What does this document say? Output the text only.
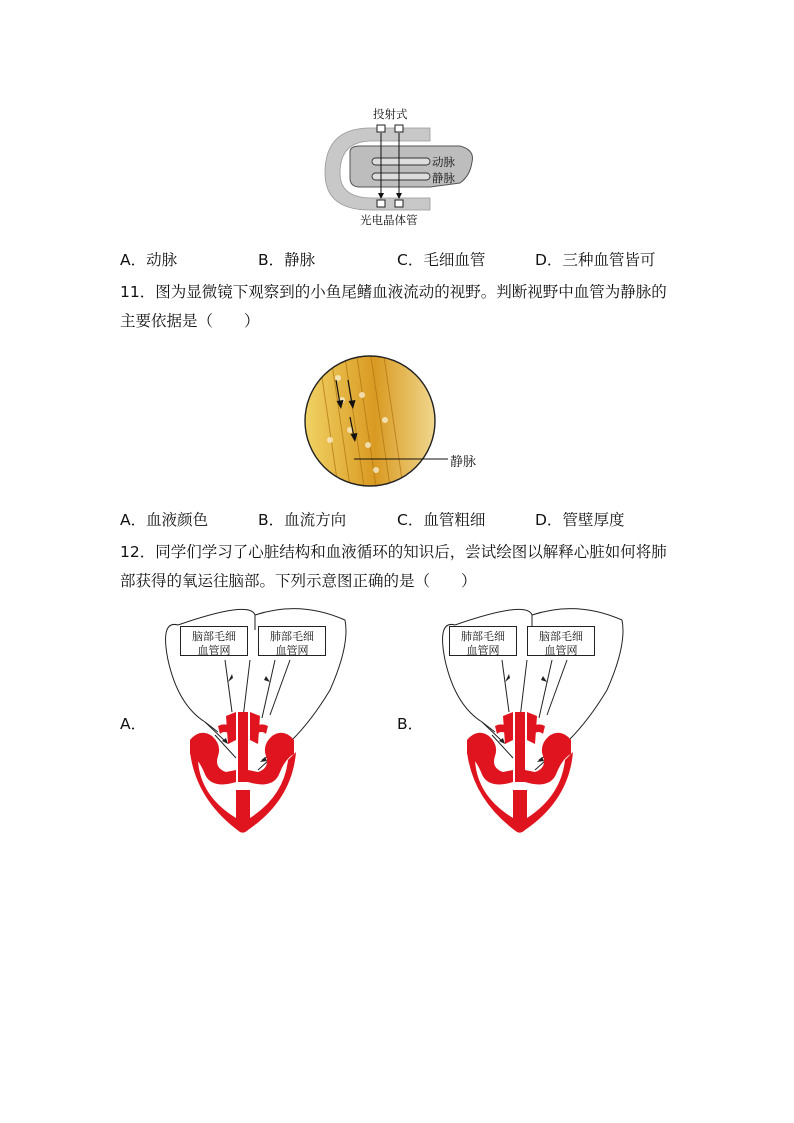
投射式
动脉
静脉
光电晶体管
A．动脉	B．静脉	C．毛细血管	D．三种血管皆可
11．图为显微镜下观察到的小鱼尾鳍血液流动的视野。判断视野中血管为静脉的主要依据是（　　）
静脉
A．血液颜色	B．血流方向	C．血管粗细	D．管壁厚度
12．同学们学习了心脏结构和血液循环的知识后，尝试绘图以解释心脏如何将肺部获得的氧运往脑部。下列示意图正确的是（　　）
A．
脑部毛细
血管网
肺部毛细
血管网
B．
肺部毛细
血管网
脑部毛细
血管网
